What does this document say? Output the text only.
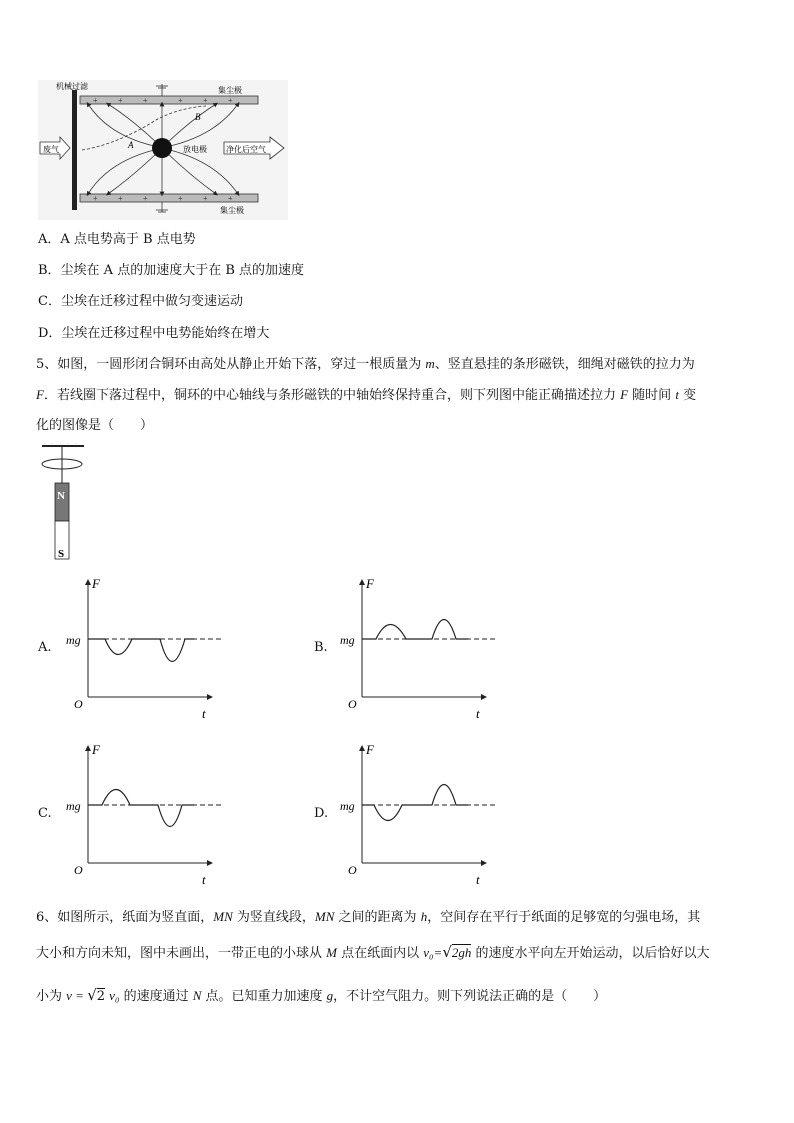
机械过滤	集尘极
集尘极
+	+	+	+	+	+
+	+	+	+	+	+
放电极
A
B
废气	净化后空气
A．A 点电势高于 B 点电势
B．尘埃在 A 点的加速度大于在 B 点的加速度
C．尘埃在迁移过程中做匀变速运动
D．尘埃在迁移过程中电势能始终在增大
5、如图，一圆形闭合铜环由高处从静止开始下落，穿过一根质量为 m、竖直悬挂的条形磁铁，细绳对磁铁的拉力为
F．若线圈下落过程中，铜环的中心轴线与条形磁铁的中轴始终保持重合，则下列图中能正确描述拉力 F 随时间 t 变
化的图像是（　　）
N
S
A.
F
t
O
mg	B.
F
t
O
mg
C.
F
t
O
mg	D.
F
t
O
mg
6、如图所示，纸面为竖直面，MN 为竖直线段，MN 之间的距离为 h，空间存在平行于纸面的足够宽的匀强电场，其
大小和方向未知，图中未画出，一带正电的小球从 M 点在纸面内以 v₀=√2gh 的速度水平向左开始运动，以后恰好以大
小为 v = √2 v₀ 的速度通过 N 点。已知重力加速度 g，不计空气阻力。则下列说法正确的是（　　）
